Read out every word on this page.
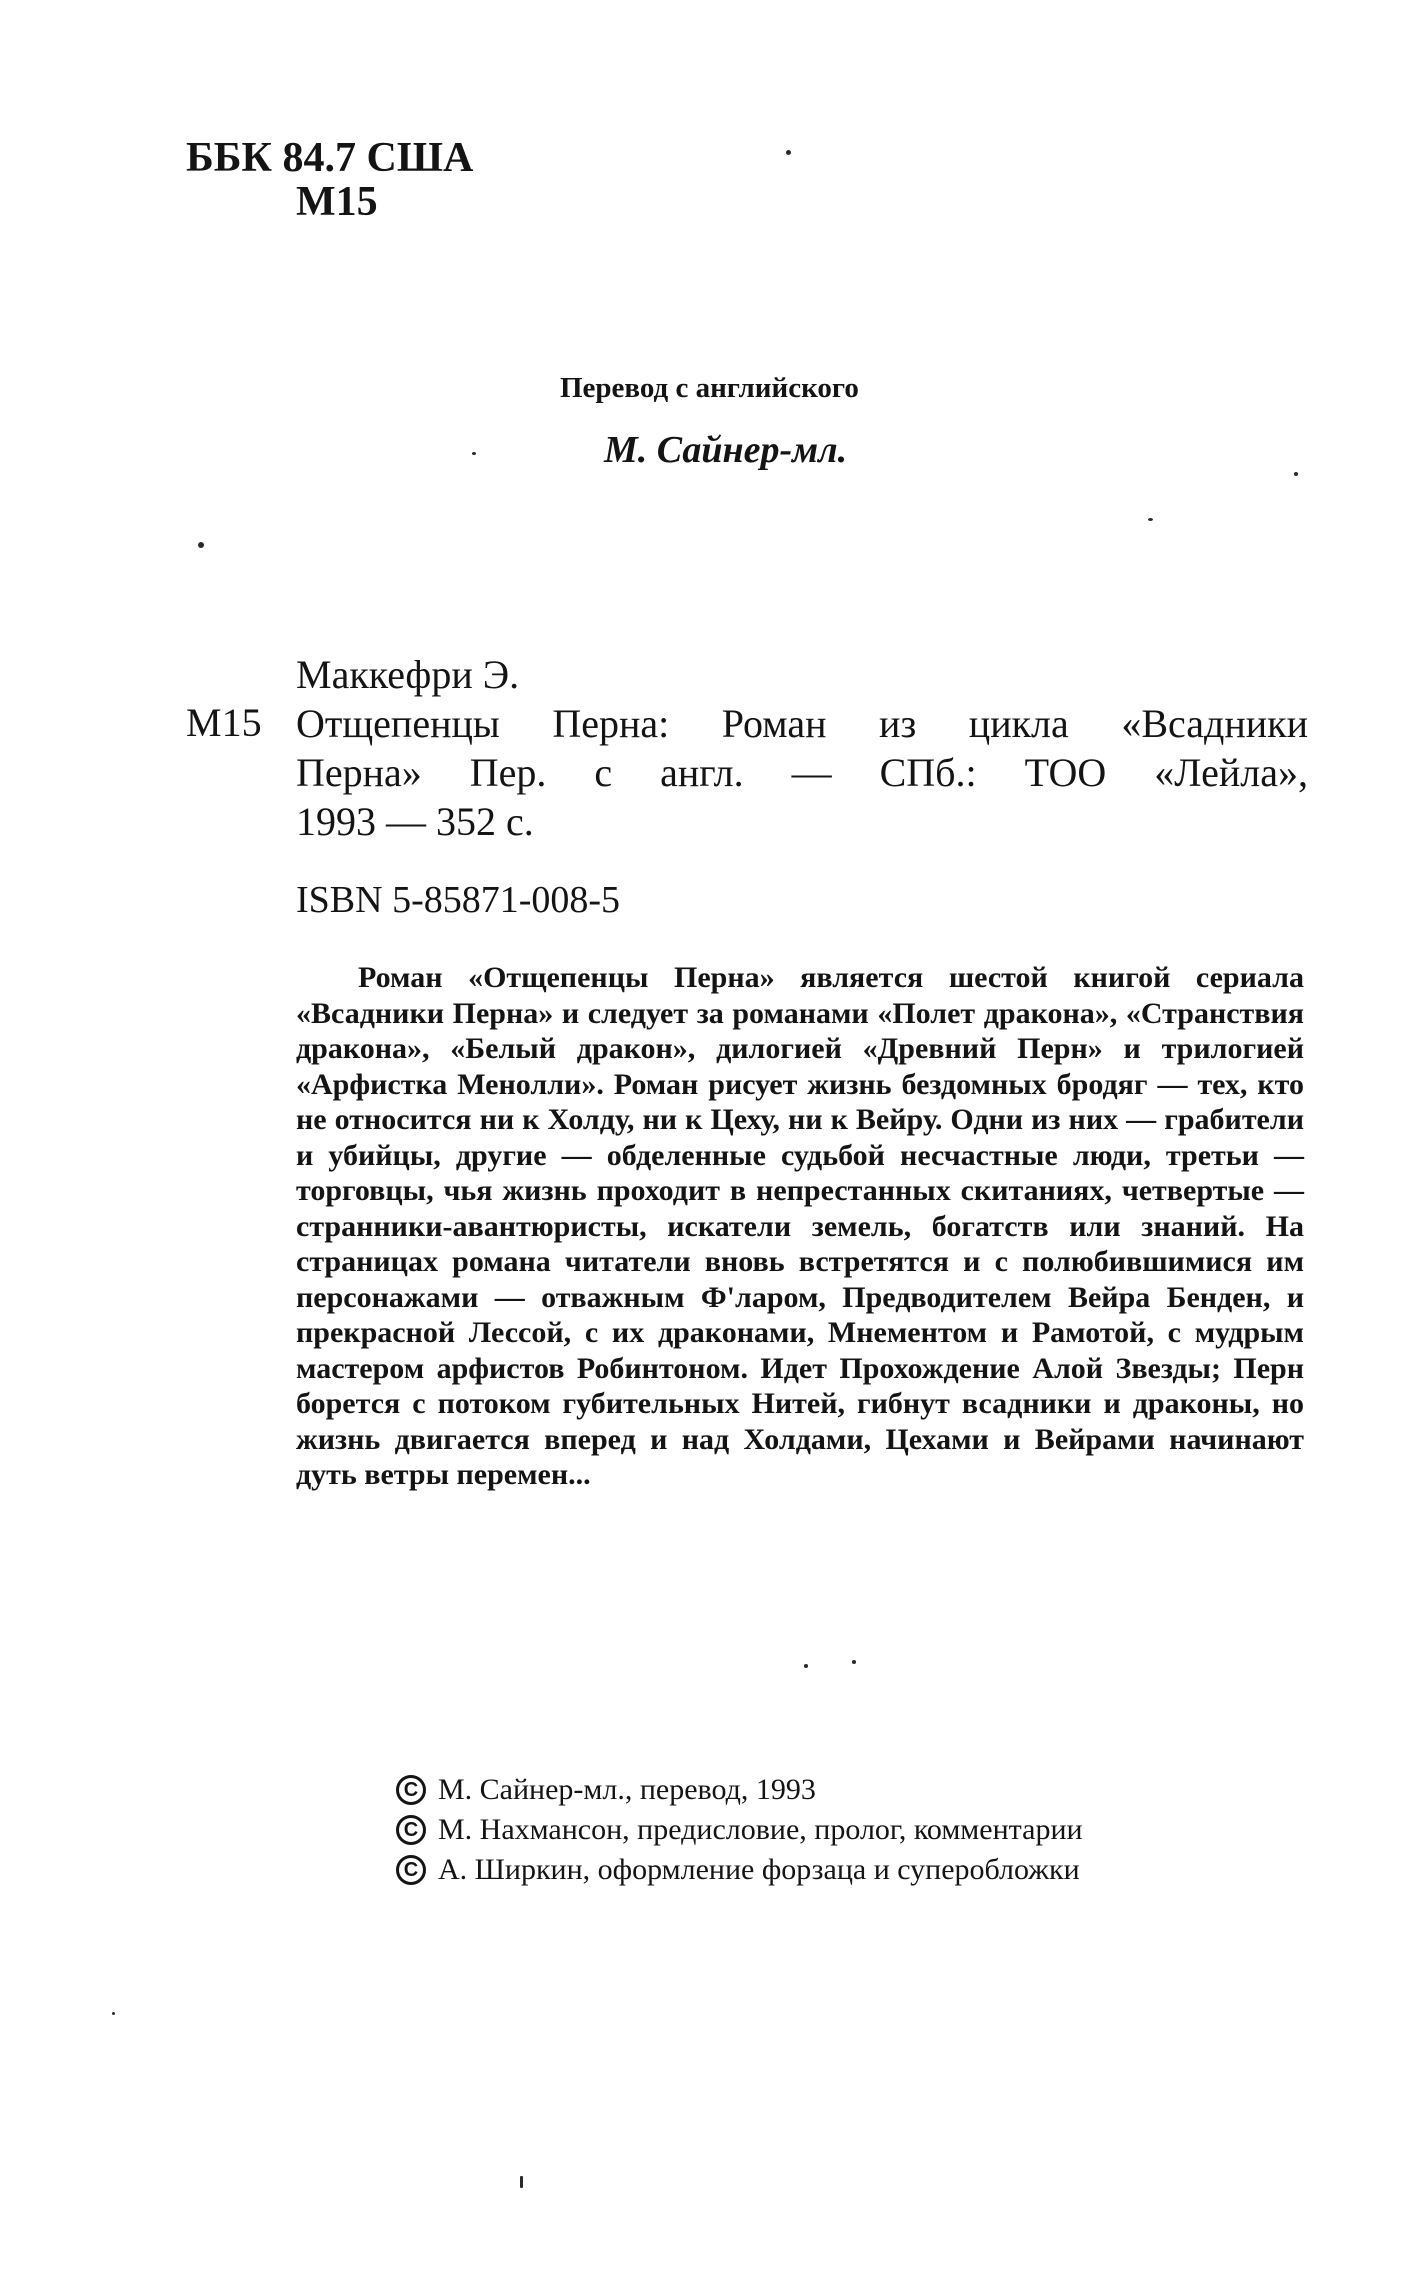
ББК 84.7 США
М15
Перевод с английского
М. Сайнер-мл.
М15
Маккефри Э.
Отщепенцы Перна: Роман из цикла «Всадники
Перна» Пер. с англ. — СПб.: ТОО «Лейла»,
1993 — 352 с.
ISBN 5-85871-008-5
Роман «Отщепенцы Перна» является шестой книгой сериала «Всадники Перна» и следует за романами «Полет дракона», «Странствия дракона», «Белый дракон», дилогией «Древний Перн» и трилогией «Арфистка Менолли». Роман рисует жизнь бездомных бродяг — тех, кто не относится ни к Холду, ни к Цеху, ни к Вейру. Одни из них — грабители и убийцы, другие — обделенные судьбой несчастные люди, третьи — торговцы, чья жизнь проходит в непрестанных скитаниях, четвертые — странники-авантюристы, искатели земель, богатств или знаний. На страницах романа читатели вновь встретятся и с полюбившимися им персонажами — отважным Ф'ларом, Предводителем Вейра Бенден, и прекрасной Лессой, с их драконами, Мнементом и Рамотой, с мудрым мастером арфистов Робинтоном. Идет Прохождение Алой Звезды; Перн борется с потоком губительных Нитей, гибнут всадники и драконы, но жизнь двигается вперед и над Холдами, Цехами и Вейрами начинают дуть ветры перемен...
C М. Сайнер-мл., перевод, 1993
C М. Нахмансон, предисловие, пролог, комментарии
C А. Ширкин, оформление форзаца и суперобложки
